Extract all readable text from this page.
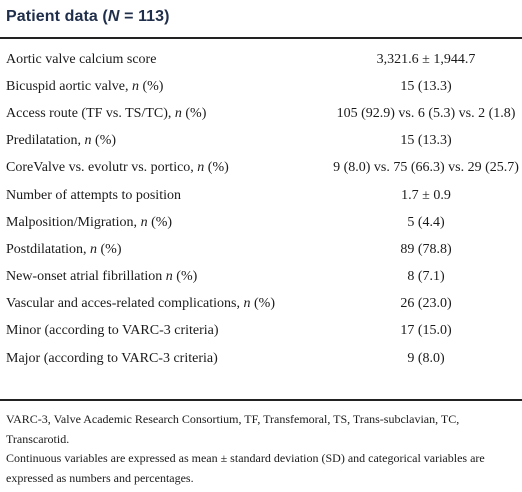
Patient data (N = 113)
Aortic valve calcium score	3,321.6 ± 1,944.7
Bicuspid aortic valve, n (%)	15 (13.3)
Access route (TF vs. TS/TC), n (%)	105 (92.9) vs. 6 (5.3) vs. 2 (1.8)
Predilatation, n (%)	15 (13.3)
CoreValve vs. evolutr vs. portico, n (%)	9 (8.0) vs. 75 (66.3) vs. 29 (25.7)
Number of attempts to position	1.7 ± 0.9
Malposition/Migration, n (%)	5 (4.4)
Postdilatation, n (%)	89 (78.8)
New-onset atrial fibrillation n (%)	8 (7.1)
Vascular and acces-related complications, n (%)	26 (23.0)
Minor (according to VARC-3 criteria)	17 (15.0)
Major (according to VARC-3 criteria)	9 (8.0)

VARC-3, Valve Academic Research Consortium, TF, Transfemoral, TS, Trans-subclavian, TC, Transcarotid.

Continuous variables are expressed as mean ± standard deviation (SD) and categorical variables are expressed as numbers and percentages.
